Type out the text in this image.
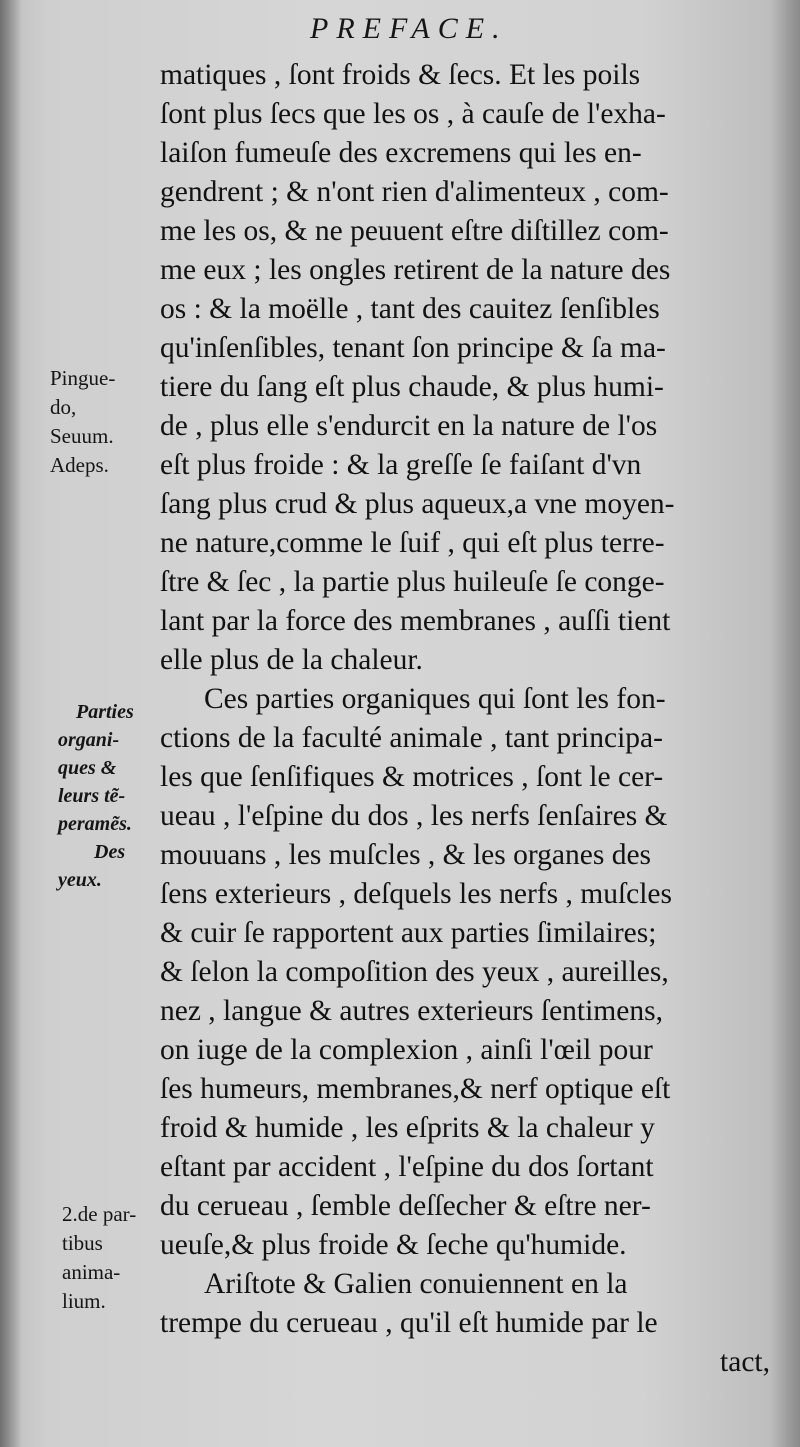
PREFACE.
matiques , ſont froids & ſecs. Et les poils
ſont plus ſecs que les os , à cauſe de l'exha-
laiſon fumeuſe des excremens qui les en-
gendrent ; & n'ont rien d'alimenteux , com-
me les os, & ne peuuent eſtre diſtillez com-
me eux ; les ongles retirent de la nature des
os : & la moëlle , tant des cauitez ſenſibles
qu'inſenſibles, tenant ſon principe & ſa ma-
tiere du ſang eſt plus chaude, & plus humi-
de , plus elle s'endurcit en la nature de l'os
eſt plus froide : & la greſſe ſe faiſant d'vn
ſang plus crud & plus aqueux,a vne moyen-
ne nature,comme le ſuif , qui eſt plus terre-
ſtre & ſec , la partie plus huileuſe ſe conge-
lant par la force des membranes , auſſi tient
elle plus de la chaleur.
Ces parties organiques qui ſont les fon-
ctions de la faculté animale , tant principa-
les que ſenſifiques & motrices , ſont le cer-
ueau , l'eſpine du dos , les nerfs ſenſaires &
mouuans , les muſcles , & les organes des
ſens exterieurs , deſquels les nerfs , muſcles
& cuir ſe rapportent aux parties ſimilaires;
& ſelon la compoſition des yeux , aureilles,
nez , langue & autres exterieurs ſentimens,
on iuge de la complexion , ainſi l'œil pour
ſes humeurs, membranes,& nerf optique eſt
froid & humide , les eſprits & la chaleur y
eſtant par accident , l'eſpine du dos ſortant
du cerueau , ſemble deſſecher & eſtre ner-
ueuſe,& plus froide & ſeche qu'humide.
Ariſtote & Galien conuiennent en la
trempe du cerueau , qu'il eſt humide par le
tact,
Pingue-
do,
Seuum.
Adeps.
Parties
organi-
ques &
leurs tẽ-
peramẽs.
Des
yeux.
2.de par-
tibus
anima-
lium.
